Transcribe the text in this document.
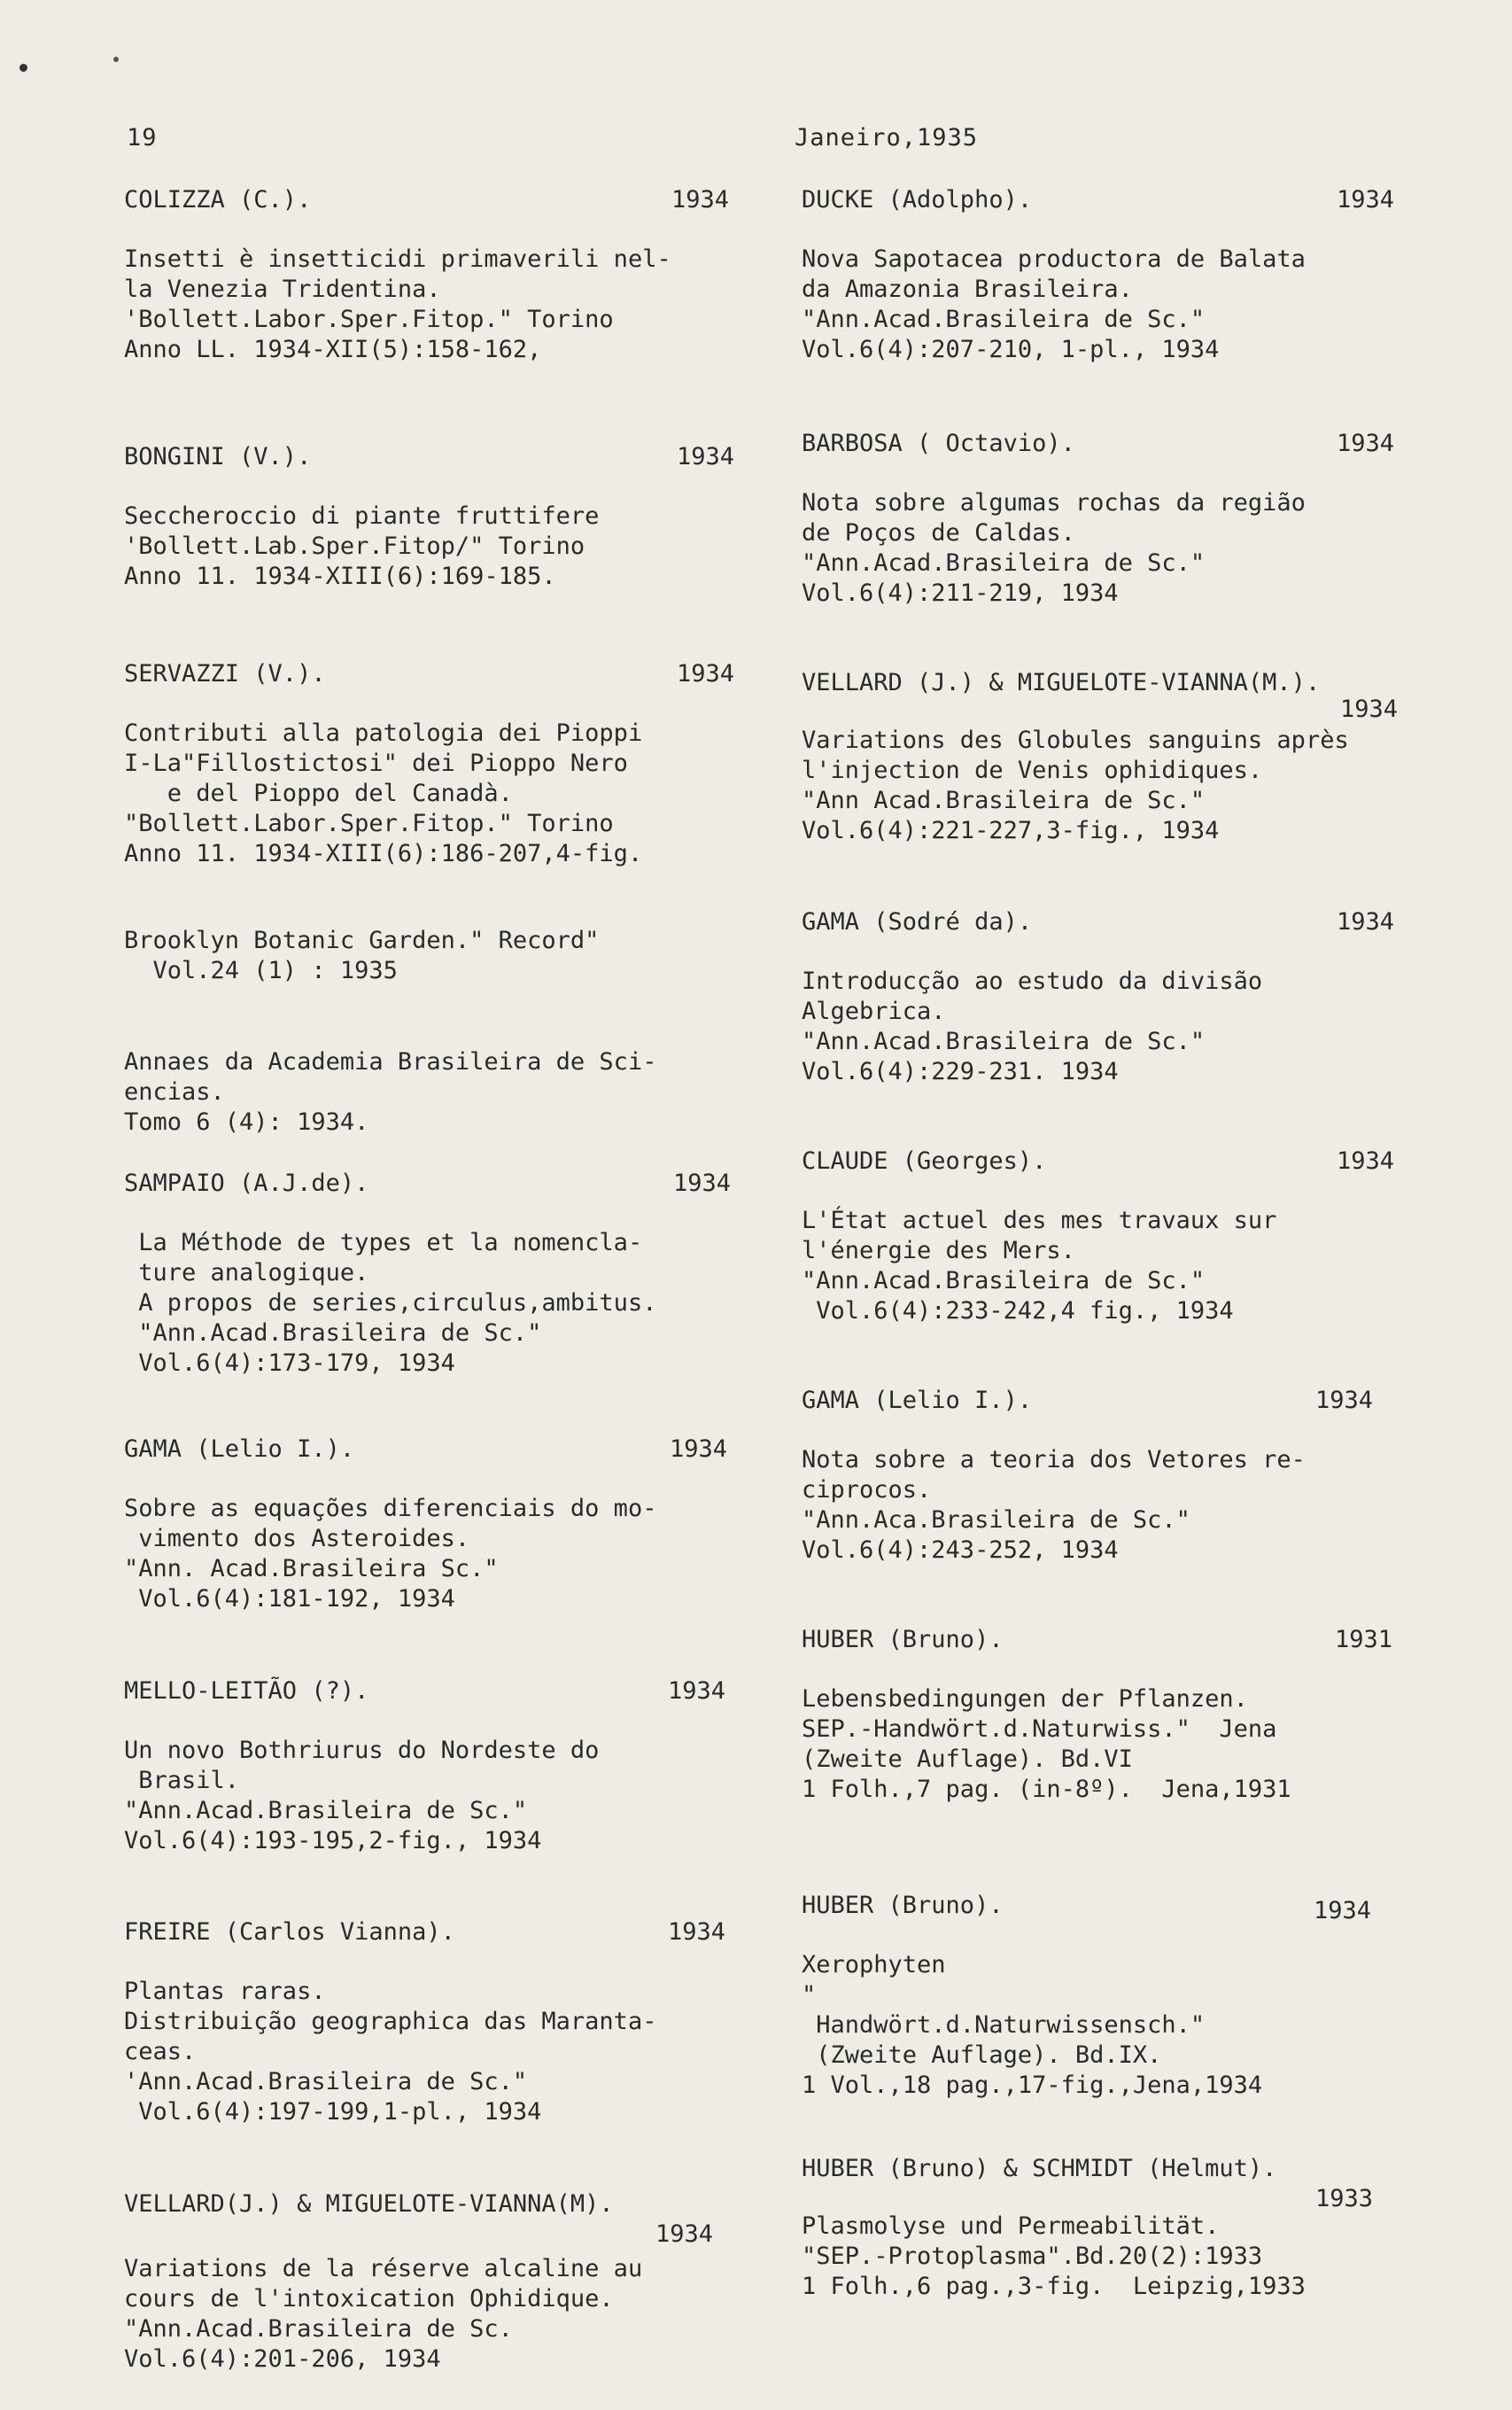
19	Janeiro,1935
COLIZZA (C.).	1934
Insetti è insetticidi primaverili nel-
la Venezia Tridentina.
'Bollett.Labor.Sper.Fitop." Torino
Anno LL. 1934-XII(5):158-162,
BONGINI (V.).	1934
Seccheroccio di piante fruttifere
'Bollett.Lab.Sper.Fitop/" Torino
Anno 11. 1934-XIII(6):169-185.
SERVAZZI (V.).	1934
Contributi alla patologia dei Pioppi
I-La"Fillostictosi" dei Pioppo Nero
e del Pioppo del Canadà.
"Bollett.Labor.Sper.Fitop." Torino
Anno 11. 1934-XIII(6):186-207,4-fig.
Brooklyn Botanic Garden." Record"
Vol.24 (1) : 1935
Annaes da Academia Brasileira de Sci-
encias.
Tomo 6 (4): 1934.
SAMPAIO (A.J.de).	1934
La Méthode de types et la nomencla-
ture analogique.
A propos de series,circulus,ambitus.
"Ann.Acad.Brasileira de Sc."
Vol.6(4):173-179, 1934
GAMA (Lelio I.).	1934
Sobre as equações diferenciais do mo-
vimento dos Asteroides.
"Ann. Acad.Brasileira Sc."
Vol.6(4):181-192, 1934
MELLO-LEITÃO (?).	1934
Un novo Bothriurus do Nordeste do
Brasil.
"Ann.Acad.Brasileira de Sc."
Vol.6(4):193-195,2-fig., 1934
FREIRE (Carlos Vianna).	1934
Plantas raras.
Distribuição geographica das Maranta-
ceas.
'Ann.Acad.Brasileira de Sc."
Vol.6(4):197-199,1-pl., 1934
VELLARD(J.) & MIGUELOTE-VIANNA(M).
1934
Variations de la réserve alcaline au
cours de l'intoxication Ophidique.
"Ann.Acad.Brasileira de Sc.
Vol.6(4):201-206, 1934
DUCKE (Adolpho).	1934
Nova Sapotacea productora de Balata
da Amazonia Brasileira.
"Ann.Acad.Brasileira de Sc."
Vol.6(4):207-210, 1-pl., 1934
BARBOSA ( Octavio).	1934
Nota sobre algumas rochas da região
de Poços de Caldas.
"Ann.Acad.Brasileira de Sc."
Vol.6(4):211-219, 1934
VELLARD (J.) & MIGUELOTE-VIANNA(M.).
1934
Variations des Globules sanguins après
l'injection de Venis ophidiques.
"Ann Acad.Brasileira de Sc."
Vol.6(4):221-227,3-fig., 1934
GAMA (Sodré da).	1934
Introducção ao estudo da divisão
Algebrica.
"Ann.Acad.Brasileira de Sc."
Vol.6(4):229-231. 1934
CLAUDE (Georges).	1934
L'État actuel des mes travaux sur
l'énergie des Mers.
"Ann.Acad.Brasileira de Sc."
Vol.6(4):233-242,4 fig., 1934
GAMA (Lelio I.).	1934
Nota sobre a teoria dos Vetores re-
ciprocos.
"Ann.Aca.Brasileira de Sc."
Vol.6(4):243-252, 1934
HUBER (Bruno).	1931
Lebensbedingungen der Pflanzen.
SEP.-Handwört.d.Naturwiss."  Jena
(Zweite Auflage). Bd.VI
1 Folh.,7 pag. (in-8º).  Jena,1931
HUBER (Bruno).	1934
Xerophyten
"
Handwört.d.Naturwissensch."
(Zweite Auflage). Bd.IX.
1 Vol.,18 pag.,17-fig.,Jena,1934
HUBER (Bruno) & SCHMIDT (Helmut).
1933
Plasmolyse und Permeabilität.
"SEP.-Protoplasma".Bd.20(2):1933
1 Folh.,6 pag.,3-fig.  Leipzig,1933
